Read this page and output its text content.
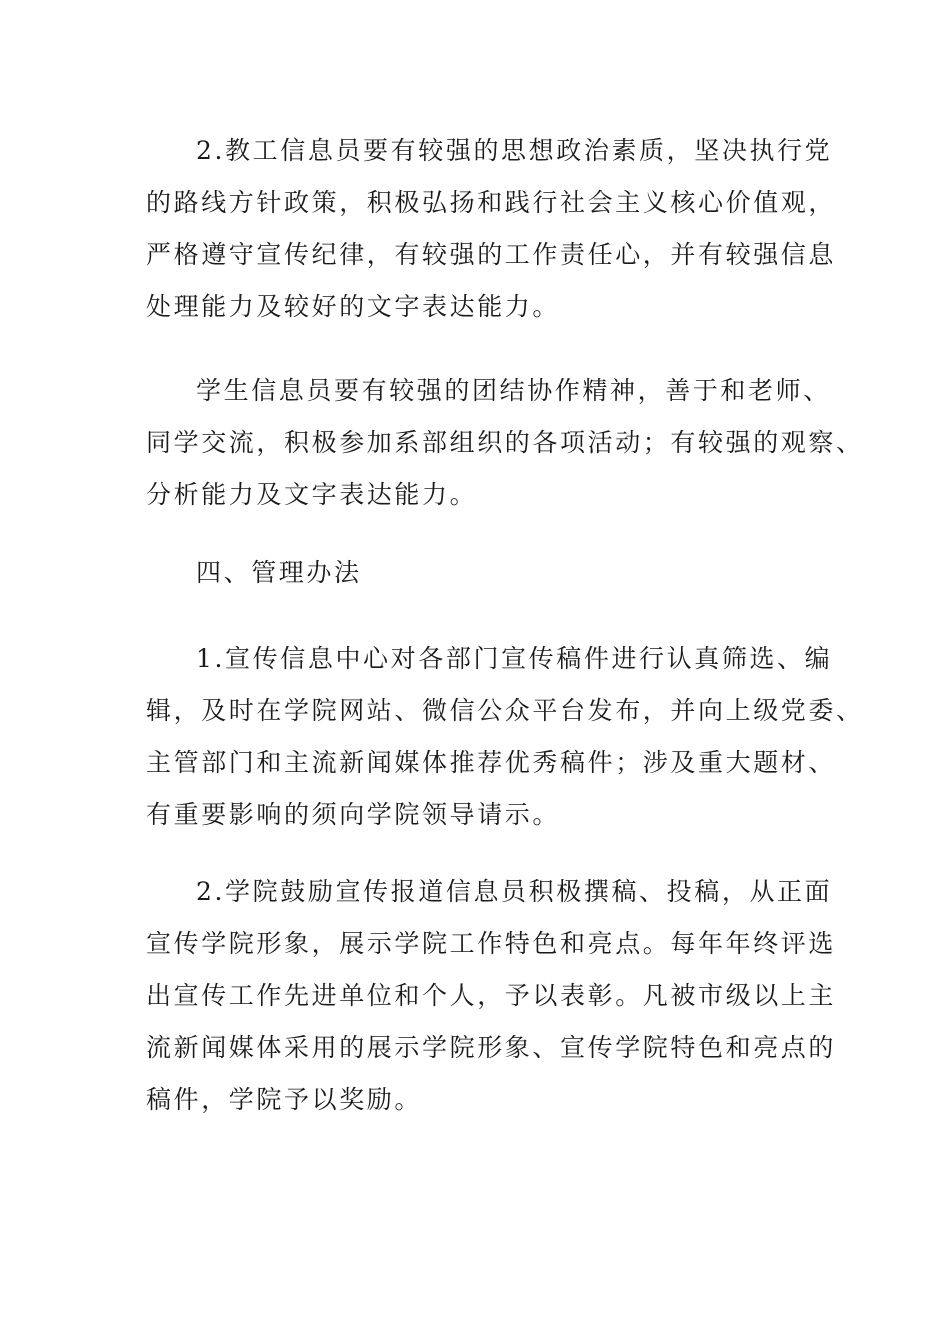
2.教工信息员要有较强的思想政治素质，坚决执行党
的路线方针政策，积极弘扬和践行社会主义核心价值观，
严格遵守宣传纪律，有较强的工作责任心，并有较强信息
处理能力及较好的文字表达能力。
学生信息员要有较强的团结协作精神，善于和老师、
同学交流，积极参加系部组织的各项活动；有较强的观察、
分析能力及文字表达能力。
四、管理办法
1.宣传信息中心对各部门宣传稿件进行认真筛选、编
辑，及时在学院网站、微信公众平台发布，并向上级党委、
主管部门和主流新闻媒体推荐优秀稿件；涉及重大题材、
有重要影响的须向学院领导请示。
2.学院鼓励宣传报道信息员积极撰稿、投稿，从正面
宣传学院形象，展示学院工作特色和亮点。每年年终评选
出宣传工作先进单位和个人，予以表彰。凡被市级以上主
流新闻媒体采用的展示学院形象、宣传学院特色和亮点的
稿件，学院予以奖励。
